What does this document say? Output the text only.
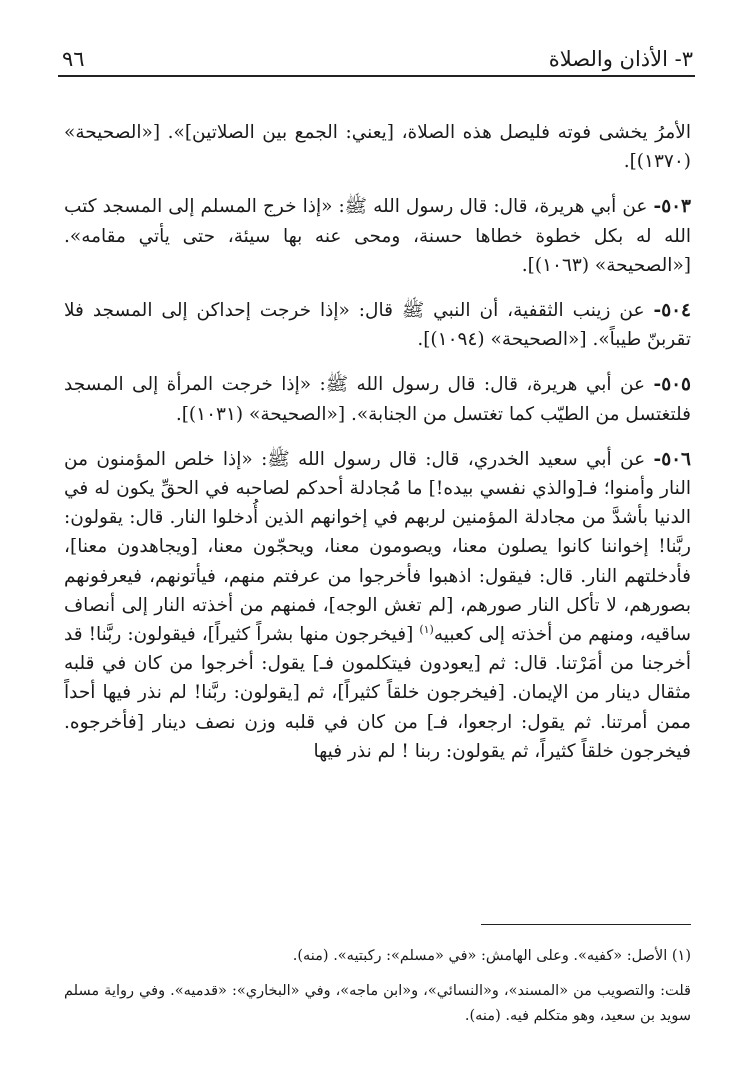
٩٦	٣- الأذان والصلاة

الأمرُ يخشى فوته فليصل هذه الصلاة، [يعني: الجمع بين الصلاتين]». [«الصحيحة» (١٣٧٠)].

٥٠٣- عن أبي هريرة، قال: قال رسول الله ﷺ: «إذا خرج المسلم إلى المسجد كتب الله له بكل خطوة خطاها حسنة، ومحى عنه بها سيئة، حتى يأتي مقامه». [«الصحيحة» (١٠٦٣)].

٥٠٤- عن زينب الثقفية، أن النبي ﷺ قال: «إذا خرجت إحداكن إلى المسجد فلا تقربنّ طيباً». [«الصحيحة» (١٠٩٤)].

٥٠٥- عن أبي هريرة، قال: قال رسول الله ﷺ: «إذا خرجت المرأة إلى المسجد فلتغتسل من الطيّب كما تغتسل من الجنابة». [«الصحيحة» (١٠٣١)].

٥٠٦- عن أبي سعيد الخدري، قال: قال رسول الله ﷺ: «إذا خلص المؤمنون من النار وأمنوا؛ فـ[والذي نفسي بيده!] ما مُجادلة أحدكم لصاحبه في الحقِّ يكون له في الدنيا بأشدَّ من مجادلة المؤمنين لربهم في إخوانهم الذين أُدخلوا النار. قال: يقولون: ربَّنا! إخواننا كانوا يصلون معنا، ويصومون معنا، ويحجّون معنا، [ويجاهدون معنا]، فأدخلتهم النار. قال: فيقول: اذهبوا فأخرجوا من عرفتم منهم، فيأتونهم، فيعرفونهم بصورهم، لا تأكل النار صورهم، [لم تغش الوجه]، فمنهم من أخذته النار إلى أنصاف ساقيه، ومنهم من أخذته إلى كعبيه$^{(١)}$ [فيخرجون منها بشراً كثيراً]، فيقولون: ربَّنا! قد أخرجنا من أمَرْتنا. قال: ثم [يعودون فيتكلمون فـ] يقول: أخرجوا من كان في قلبه مثقال دينار من الإيمان. [فيخرجون خلقاً كثيراً]، ثم [يقولون: ربَّنا! لم نذر فيها أحداً ممن أمرتنا. ثم يقول: ارجعوا، فـ] من كان في قلبه وزن نصف دينار [فأخرجوه. فيخرجون خلقاً كثيراً، ثم يقولون: ربنا ! لم نذر فيها

(١) الأصل: «كفيه». وعلى الهامش: «في «مسلم»: ركبتيه». (منه).

قلت: والتصويب من «المسند»، و«النسائي»، و«ابن ماجه»، وفي «البخاري»: «قدميه». وفي رواية مسلم سويد بن سعيد، وهو متكلم فيه. (منه).
